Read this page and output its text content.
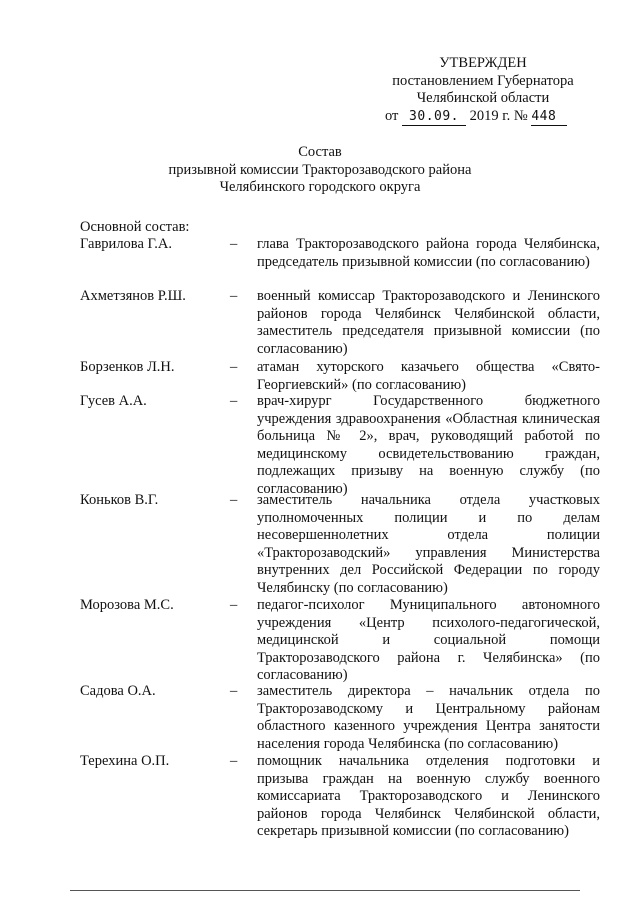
УТВЕРЖДЕН
постановлением Губернатора
Челябинской области
от 30.09. 2019 г. № 448
Состав
призывной комиссии Тракторозаводского района
Челябинского городского округа
Основной состав:
Гаврилова Г.А.	– глава Тракторозаводского района города Челябинска, председатель призывной комиссии (по согласованию)
Ахметзянов Р.Ш.	– военный комиссар Тракторозаводского и Ленинского районов города Челябинск Челябинской области, заместитель председателя призывной комиссии (по согласованию)
Борзенков Л.Н.	– атаман хуторского казачьего общества «Свято-Георгиевский» (по согласованию)
Гусев А.А.	– врач-хирург Государственного бюджетного учреждения здравоохранения «Областная клиническая больница № 2», врач, руководящий работой по медицинскому освидетельствованию граждан, подлежащих призыву на военную службу (по согласованию)
Коньков В.Г.	– заместитель начальника отдела участковых уполномоченных полиции и по делам несовершеннолетних отдела полиции «Тракторозаводский» управления Министерства внутренних дел Российской Федерации по городу Челябинску (по согласованию)
Морозова М.С.	– педагог-психолог Муниципального автономного учреждения «Центр психолого-педагогической, медицинской и социальной помощи Тракторозаводского района г. Челябинска» (по согласованию)
Садова О.А.	– заместитель директора – начальник отдела по Тракторозаводскому и Центральному районам областного казенного учреждения Центра занятости населения города Челябинска (по согласованию)
Терехина О.П.	– помощник начальника отделения подготовки и призыва граждан на военную службу военного комиссариата Тракторозаводского и Ленинского районов города Челябинск Челябинской области, секретарь призывной комиссии (по согласованию)
